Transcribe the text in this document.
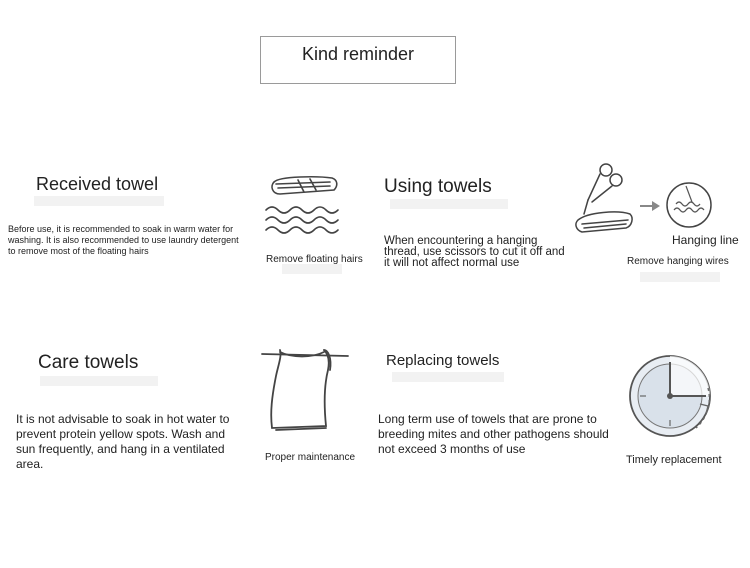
Kind reminder
Received towel
Before use, it is recommended to soak in warm water for washing. It is also recommended to use laundry detergent to remove most of the floating hairs
Remove floating hairs
Using towels
When encountering a hanging thread, use scissors to cut it off and it will not affect normal use
Hanging line
Remove hanging wires
Care towels
It is not advisable to soak in hot water to prevent protein yellow spots. Wash and sun frequently, and hang in a ventilated area.	Proper maintenance
Replacing towels
Long term use of towels that are prone to breeding mites and other pathogens should not exceed 3 months of use
Timely replacement
